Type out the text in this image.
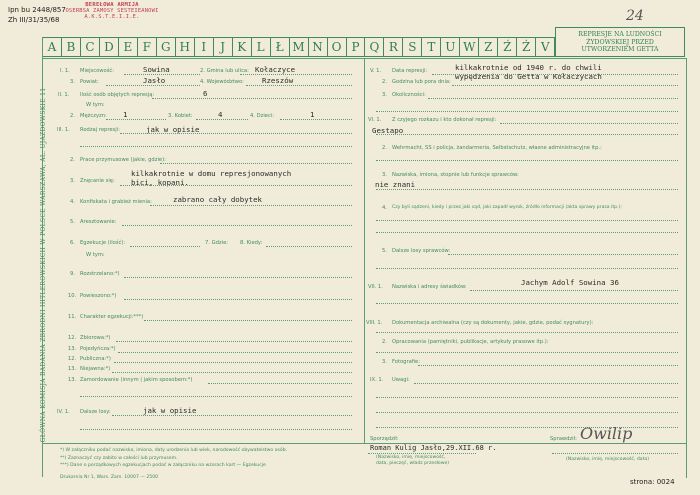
Ipn bu 2448/857
Zh III/31/35/68
BEREŁOWA ARMIJA
OSERBSA ZAMOSY SESTEIEANOWI
A.K.S.T.E.I.I.E.	24
A B C D E F G H I	J	K L Ł M N O P Q R S T U W Z Ź Ż V
REPRESJE NA LUDNOŚCI
ŻYDOWSKIEJ PRZED
UTWORZENIEM GETTA
GŁÓWNA KOMISJA BADANIA ZBRODNI HITLEROWSKICH W POLSCE WARSZAWA, AL. UJAZDOWSKIE 11
I. 1. Miejscowość:	Sowina	2. Gmina lub ulica: Kołaczyce
3. Powiat:	Jasło	4. Województwo: Rzeszów
II. 1. Ilość osób objętych represją:	6
W tym:
2. Mężczyzn: 1	3. Kobiet:	4	4. Dzieci:	1
III. 1. Rodzaj represji:	jak w opisie
2. Prace przymusowe (jakie, gdzie):
3. Znęcanie się:
kilkakrotnie w domu represjonowanych
bici, kopani.
4. Konfiskata i grabież mienia:	zabrano cały dobytek
5. Aresztowanie:
6. Egzekucje (ilość):	7. Gdzie: 8. Kiedy:
W tym:
9. Rozstrzelano:*)
10. Powieszono:*)
11. Charakter egzekucji:***)
12. Zbiorowa:*)
13. Pojedyńcza:*)
12. Publiczna:*)
13. Niejawna:*)
13. Zamordowanie (innym | jakim sposobem:*)
IV. 1. Dalsze losy:	jak w opisie
V. 1. Data represji:	kilkakrotnie od 1940 r. do chwili
2. Godzina lub pora dnia:
wypędzenia do Getta w Kołaczycach
3. Okoliczności:
VI. 1. Z czyjego rozkazu i kto dokonał represji:
Gestapo
2. Wehrmacht, SS i policja, żandarmeria, Selbstschutz, własne administracyjne itp.:
3. Nazwiska, imiona, stopnie lub funkcje sprawców:
nie znani
4. Czy byli sądzeni, kiedy i przez jaki sąd, jaki zapadł wyrok, źródło informacji (akta sprawy prasa itp.):
5. Dalsze losy sprawców:
VII. 1. Nazwiska i adresy świadków:	Jachym Adolf Sowina 36
VIII. 1. Dokumentacja archiwalna (czy są dokumenty, jakie, gdzie, podać sygnatury):
2. Opracowania (pamiętniki, publikacje, artykuły prasowe itp.):
3. Fotografie:
IX. 1. Uwagi:
Sporządził:
Roman Kulig Jasło,29.XII.68 r.
(Nazwisko, imię, miejscowość,
data, pieczęć, władz przesłowe)
Sprawdził: Owilip
(Nazwisko, imię, miejscowość, data)
*) W załączniku podać nazwiska, imiona, daty urodzenia lub wiek, narodowość obywatelstwo osób.
**) Zaznaczyć czy zabito w całości lub przymusem.
***) Dane o porządkowych egzekucjach podać w załączniku na wzorach kart — Egzekucje
Drukarnia Nr 1, Wars. Zam. 10007 — 2500
strona: 0024
